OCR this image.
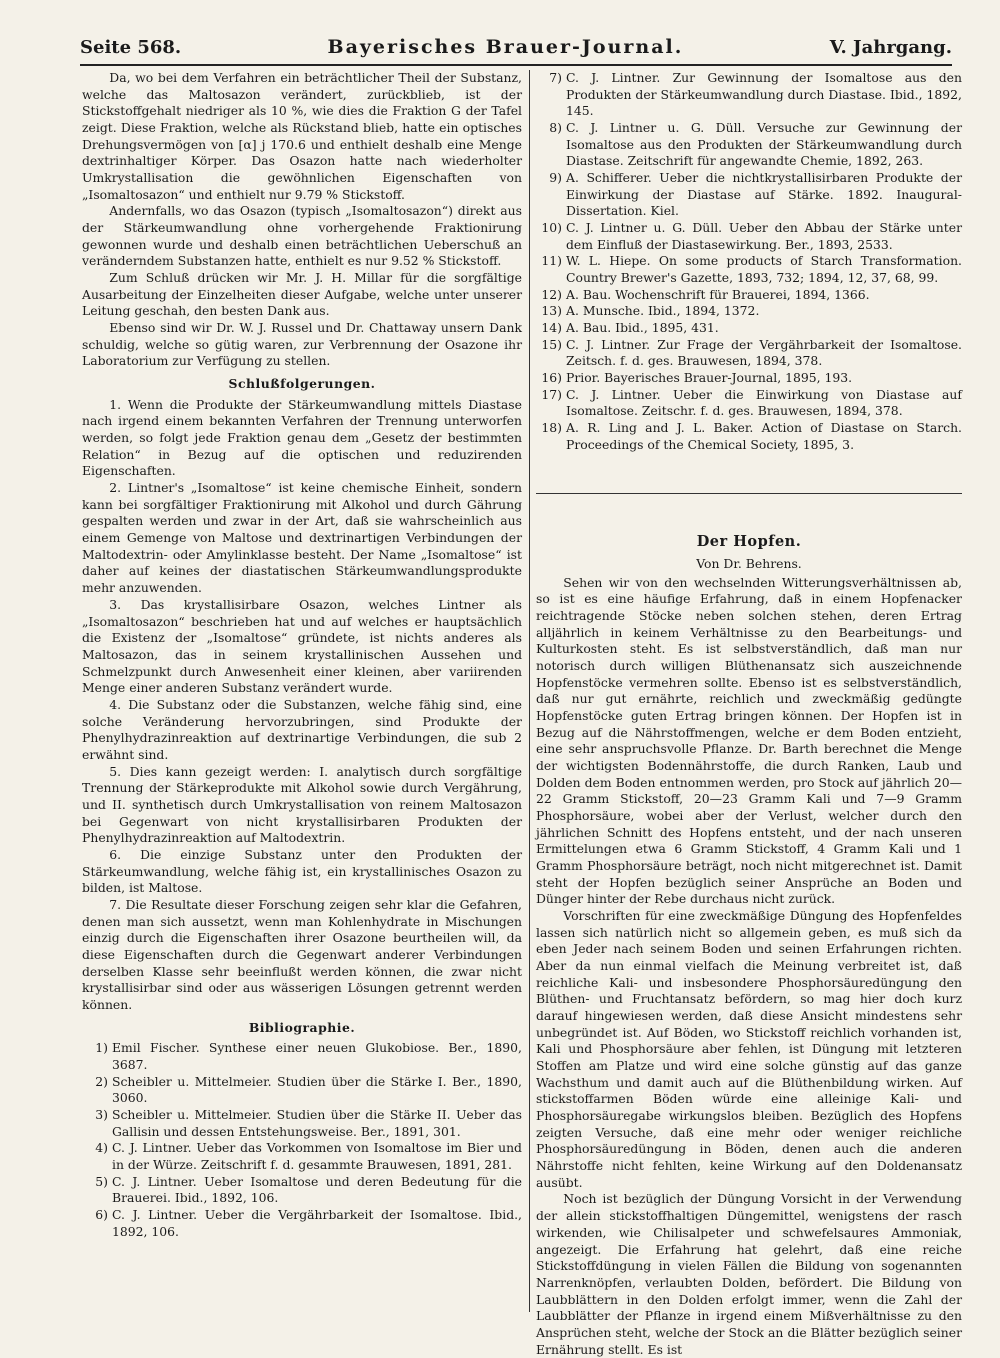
Seite 568.	Bayerisches Brauer-Journal.	V. Jahrgang.

Da, wo bei dem Verfahren ein beträchtlicher Theil der Substanz, welche das Maltosazon verändert, zurückblieb, ist der Stickstoffgehalt niedriger als 10 %, wie dies die Fraktion G der Tafel zeigt. Diese Fraktion, welche als Rückstand blieb, hatte ein optisches Drehungsvermögen von [α] j 170.6 und enthielt deshalb eine Menge dextrinhaltiger Körper. Das Osazon hatte nach wiederholter Umkrystallisation die gewöhnlichen Eigenschaften von „Isomaltosazon“ und enthielt nur 9.79 % Stickstoff.

Andernfalls, wo das Osazon (typisch „Isomaltosazon“) direkt aus der Stärkeumwandlung ohne vorhergehende Fraktionirung gewonnen wurde und deshalb einen beträchtlichen Ueberschuß an veränderndem Substanzen hatte, enthielt es nur 9.52 % Stickstoff.

Zum Schluß drücken wir Mr. J. H. Millar für die sorgfältige Ausarbeitung der Einzelheiten dieser Aufgabe, welche unter unserer Leitung geschah, den besten Dank aus.

Ebenso sind wir Dr. W. J. Russel und Dr. Chattaway unsern Dank schuldig, welche so gütig waren, zur Verbrennung der Osazone ihr Laboratorium zur Verfügung zu stellen.

Schlußfolgerungen.

1. Wenn die Produkte der Stärkeumwandlung mittels Diastase nach irgend einem bekannten Verfahren der Trennung unterworfen werden, so folgt jede Fraktion genau dem „Gesetz der bestimmten Relation“ in Bezug auf die optischen und reduzirenden Eigenschaften.

2. Lintner's „Isomaltose“ ist keine chemische Einheit, sondern kann bei sorgfältiger Fraktionirung mit Alkohol und durch Gährung gespalten werden und zwar in der Art, daß sie wahrscheinlich aus einem Gemenge von Maltose und dextrinartigen Verbindungen der Maltodextrin- oder Amylinklasse besteht. Der Name „Isomaltose“ ist daher auf keines der diastatischen Stärkeumwandlungsprodukte mehr anzuwenden.

3. Das krystallisirbare Osazon, welches Lintner als „Isomaltosazon“ beschrieben hat und auf welches er hauptsächlich die Existenz der „Isomaltose“ gründete, ist nichts anderes als Maltosazon, das in seinem krystallinischen Aussehen und Schmelzpunkt durch Anwesenheit einer kleinen, aber variirenden Menge einer anderen Substanz verändert wurde.

4. Die Substanz oder die Substanzen, welche fähig sind, eine solche Veränderung hervorzubringen, sind Produkte der Phenylhydrazinreaktion auf dextrinartige Verbindungen, die sub 2 erwähnt sind.

5. Dies kann gezeigt werden: I. analytisch durch sorgfältige Trennung der Stärkeprodukte mit Alkohol sowie durch Vergährung, und II. synthetisch durch Umkrystallisation von reinem Maltosazon bei Gegenwart von nicht krystallisirbaren Produkten der Phenylhydrazinreaktion auf Maltodextrin.

6. Die einzige Substanz unter den Produkten der Stärkeumwandlung, welche fähig ist, ein krystallinisches Osazon zu bilden, ist Maltose.

7. Die Resultate dieser Forschung zeigen sehr klar die Gefahren, denen man sich aussetzt, wenn man Kohlenhydrate in Mischungen einzig durch die Eigenschaften ihrer Osazone beurtheilen will, da diese Eigenschaften durch die Gegenwart anderer Verbindungen derselben Klasse sehr beeinflußt werden können, die zwar nicht krystallisirbar sind oder aus wässerigen Lösungen getrennt werden können.

Bibliographie.
1) Emil Fischer. Synthese einer neuen Glukobiose. Ber., 1890, 3687.
2) Scheibler u. Mittelmeier. Studien über die Stärke I. Ber., 1890, 3060.
3) Scheibler u. Mittelmeier. Studien über die Stärke II. Ueber das Gallisin und dessen Entstehungsweise. Ber., 1891, 301.
4) C. J. Lintner. Ueber das Vorkommen von Isomaltose im Bier und in der Würze. Zeitschrift f. d. gesammte Brauwesen, 1891, 281.
5) C. J. Lintner. Ueber Isomaltose und deren Bedeutung für die Brauerei. Ibid., 1892, 106.
6) C. J. Lintner. Ueber die Vergährbarkeit der Isomaltose. Ibid., 1892, 106.
7) C. J. Lintner. Zur Gewinnung der Isomaltose aus den Produkten der Stärkeumwandlung durch Diastase. Ibid., 1892, 145.
8) C. J. Lintner u. G. Düll. Versuche zur Gewinnung der Isomaltose aus den Produkten der Stärkeumwandlung durch Diastase. Zeitschrift für angewandte Chemie, 1892, 263.
9) A. Schifferer. Ueber die nichtkrystallisirbaren Produkte der Einwirkung der Diastase auf Stärke. 1892. Inaugural-Dissertation. Kiel.
10) C. J. Lintner u. G. Düll. Ueber den Abbau der Stärke unter dem Einfluß der Diastasewirkung. Ber., 1893, 2533.
11) W. L. Hiepe. On some products of Starch Transformation. Country Brewer's Gazette, 1893, 732; 1894, 12, 37, 68, 99.
12) A. Bau. Wochenschrift für Brauerei, 1894, 1366.
13) A. Munsche. Ibid., 1894, 1372.
14) A. Bau. Ibid., 1895, 431.
15) C. J. Lintner. Zur Frage der Vergährbarkeit der Isomaltose. Zeitsch. f. d. ges. Brauwesen, 1894, 378.
16) Prior. Bayerisches Brauer-Journal, 1895, 193.
17) C. J. Lintner. Ueber die Einwirkung von Diastase auf Isomaltose. Zeitschr. f. d. ges. Brauwesen, 1894, 378.
18) A. R. Ling and J. L. Baker. Action of Diastase on Starch. Proceedings of the Chemical Society, 1895, 3.
Der Hopfen.
Von Dr. Behrens.

Sehen wir von den wechselnden Witterungsverhältnissen ab, so ist es eine häufige Erfahrung, daß in einem Hopfenacker reichtragende Stöcke neben solchen stehen, deren Ertrag alljährlich in keinem Verhältnisse zu den Bearbeitungs- und Kulturkosten steht. Es ist selbstverständlich, daß man nur notorisch durch willigen Blüthenansatz sich auszeichnende Hopfenstöcke vermehren sollte. Ebenso ist es selbstverständlich, daß nur gut ernährte, reichlich und zweckmäßig gedüngte Hopfenstöcke guten Ertrag bringen können. Der Hopfen ist in Bezug auf die Nährstoffmengen, welche er dem Boden entzieht, eine sehr anspruchsvolle Pflanze. Dr. Barth berechnet die Menge der wichtigsten Bodennährstoffe, die durch Ranken, Laub und Dolden dem Boden entnommen werden, pro Stock auf jährlich 20—22 Gramm Stickstoff, 20—23 Gramm Kali und 7—9 Gramm Phosphorsäure, wobei aber der Verlust, welcher durch den jährlichen Schnitt des Hopfens entsteht, und der nach unseren Ermittelungen etwa 6 Gramm Stickstoff, 4 Gramm Kali und 1 Gramm Phosphorsäure beträgt, noch nicht mitgerechnet ist. Damit steht der Hopfen bezüglich seiner Ansprüche an Boden und Dünger hinter der Rebe durchaus nicht zurück.

Vorschriften für eine zweckmäßige Düngung des Hopfenfeldes lassen sich natürlich nicht so allgemein geben, es muß sich da eben Jeder nach seinem Boden und seinen Erfahrungen richten. Aber da nun einmal vielfach die Meinung verbreitet ist, daß reichliche Kali- und insbesondere Phosphorsäuredüngung den Blüthen- und Fruchtansatz befördern, so mag hier doch kurz darauf hingewiesen werden, daß diese Ansicht mindestens sehr unbegründet ist. Auf Böden, wo Stickstoff reichlich vorhanden ist, Kali und Phosphorsäure aber fehlen, ist Düngung mit letzteren Stoffen am Platze und wird eine solche günstig auf das ganze Wachsthum und damit auch auf die Blüthenbildung wirken. Auf stickstoffarmen Böden würde eine alleinige Kali- und Phosphorsäuregabe wirkungslos bleiben. Bezüglich des Hopfens zeigten Versuche, daß eine mehr oder weniger reichliche Phosphorsäuredüngung in Böden, denen auch die anderen Nährstoffe nicht fehlten, keine Wirkung auf den Doldenansatz ausübt.

Noch ist bezüglich der Düngung Vorsicht in der Verwendung der allein stickstoffhaltigen Düngemittel, wenigstens der rasch wirkenden, wie Chilisalpeter und schwefelsaures Ammoniak, angezeigt. Die Erfahrung hat gelehrt, daß eine reiche Stickstoffdüngung in vielen Fällen die Bildung von sogenannten Narrenknöpfen, verlaubten Dolden, befördert. Die Bildung von Laubblättern in den Dolden erfolgt immer, wenn die Zahl der Laubblätter der Pflanze in irgend einem Mißverhältnisse zu den Ansprüchen steht, welche der Stock an die Blätter bezüglich seiner Ernährung stellt. Es ist
